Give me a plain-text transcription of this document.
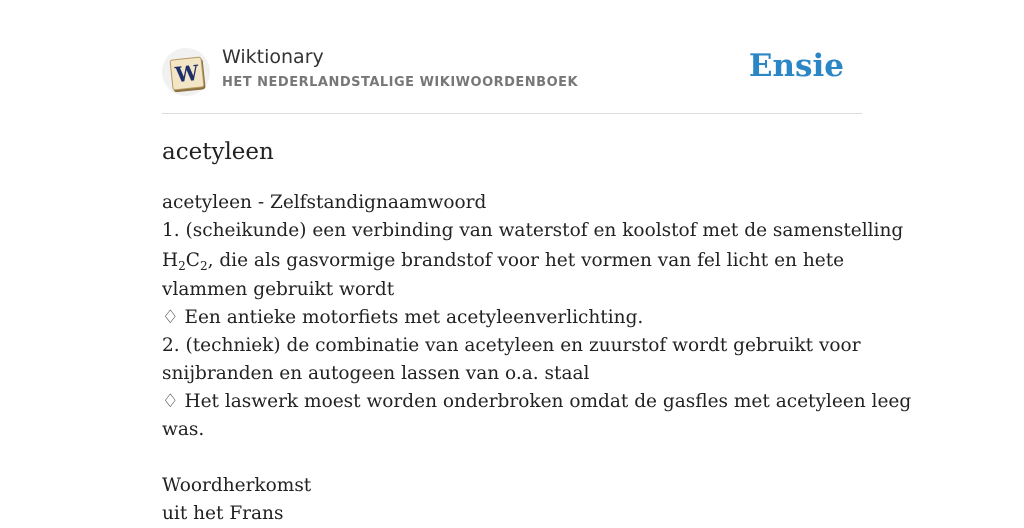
W
Wiktionary
HET NEDERLANDSTALIGE WIKIWOORDENBOEK	Ensie
acetyleen
acetyleen - Zelfstandignaamwoord
1. (scheikunde) een verbinding van waterstof en koolstof met de samenstelling
$H_2C_2$, die als gasvormige brandstof voor het vormen van fel licht en hete
vlammen gebruikt wordt
♢ Een antieke motorfiets met acetyleenverlichting.
2. (techniek) de combinatie van acetyleen en zuurstof wordt gebruikt voor
snijbranden en autogeen lassen van o.a. staal
♢ Het laswerk moest worden onderbroken omdat de gasfles met acetyleen leeg
was.
Woordherkomst
uit het Frans
